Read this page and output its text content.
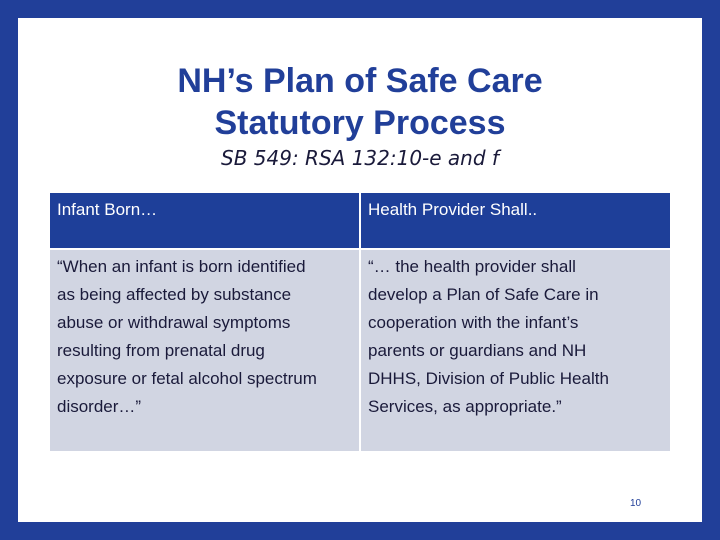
NH’s Plan of Safe Care
Statutory Process
SB 549: RSA 132:10-e and f
Infant Born…	Health Provider Shall..
“When an infant is born identified
as being affected by substance
abuse or withdrawal symptoms
resulting from prenatal drug
exposure or fetal alcohol spectrum
disorder…”
“… the health provider shall
develop a Plan of Safe Care in
cooperation with the infant’s
parents or guardians and NH
DHHS, Division of Public Health
Services, as appropriate.”
10
